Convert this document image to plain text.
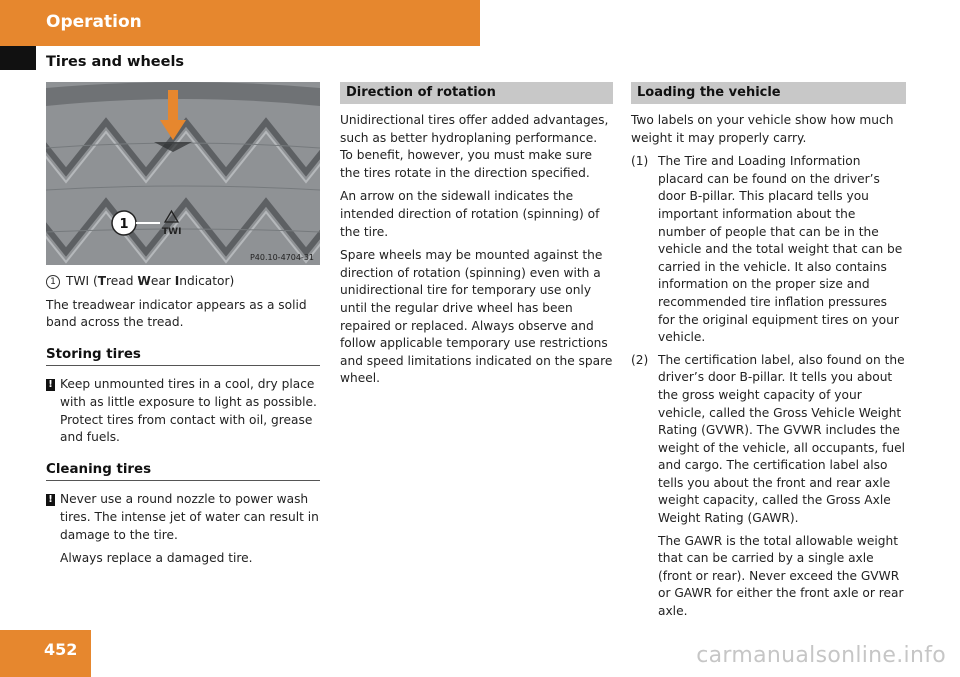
Operation
Tires and wheels
1	TWI
P40.10-4704-31

1 TWI (Tread Wear Indicator)

The treadwear indicator appears as a solid band across the tread.

Storing tires
! Keep unmounted tires in a cool, dry place with as little exposure to light as possible. Protect tires from contact with oil, grease and fuels.
Cleaning tires
! Never use a round nozzle to power wash tires. The intense jet of water can result in damage to the tire.

Always replace a damaged tire.

Direction of rotation

Unidirectional tires offer added advantages, such as better hydroplaning performance. To benefit, however, you must make sure the tires rotate in the direction specified.

An arrow on the sidewall indicates the intended direction of rotation (spinning) of the tire.

Spare wheels may be mounted against the direction of rotation (spinning) even with a unidirectional tire for temporary use only until the regular drive wheel has been repaired or replaced. Always observe and follow applicable temporary use restrictions and speed limitations indicated on the spare wheel.

Loading the vehicle

Two labels on your vehicle show how much weight it may properly carry.

(1) The Tire and Loading Information placard can be found on the driver’s door B-pillar. This placard tells you important information about the number of people that can be in the vehicle and the total weight that can be carried in the vehicle. It also contains information on the proper size and recommended tire inflation pressures for the original equipment tires on your vehicle.
(2) The certification label, also found on the driver’s door B-pillar. It tells you about the gross weight capacity of your vehicle, called the Gross Vehicle Weight Rating (GVWR). The GVWR includes the weight of the vehicle, all occupants, fuel and cargo. The certification label also tells you about the front and rear axle weight capacity, called the Gross Axle Weight Rating (GAWR).

The GAWR is the total allowable weight that can be carried by a single axle (front or rear). Never exceed the GVWR or GAWR for either the front axle or rear axle.

452	carmanualsonline.info
